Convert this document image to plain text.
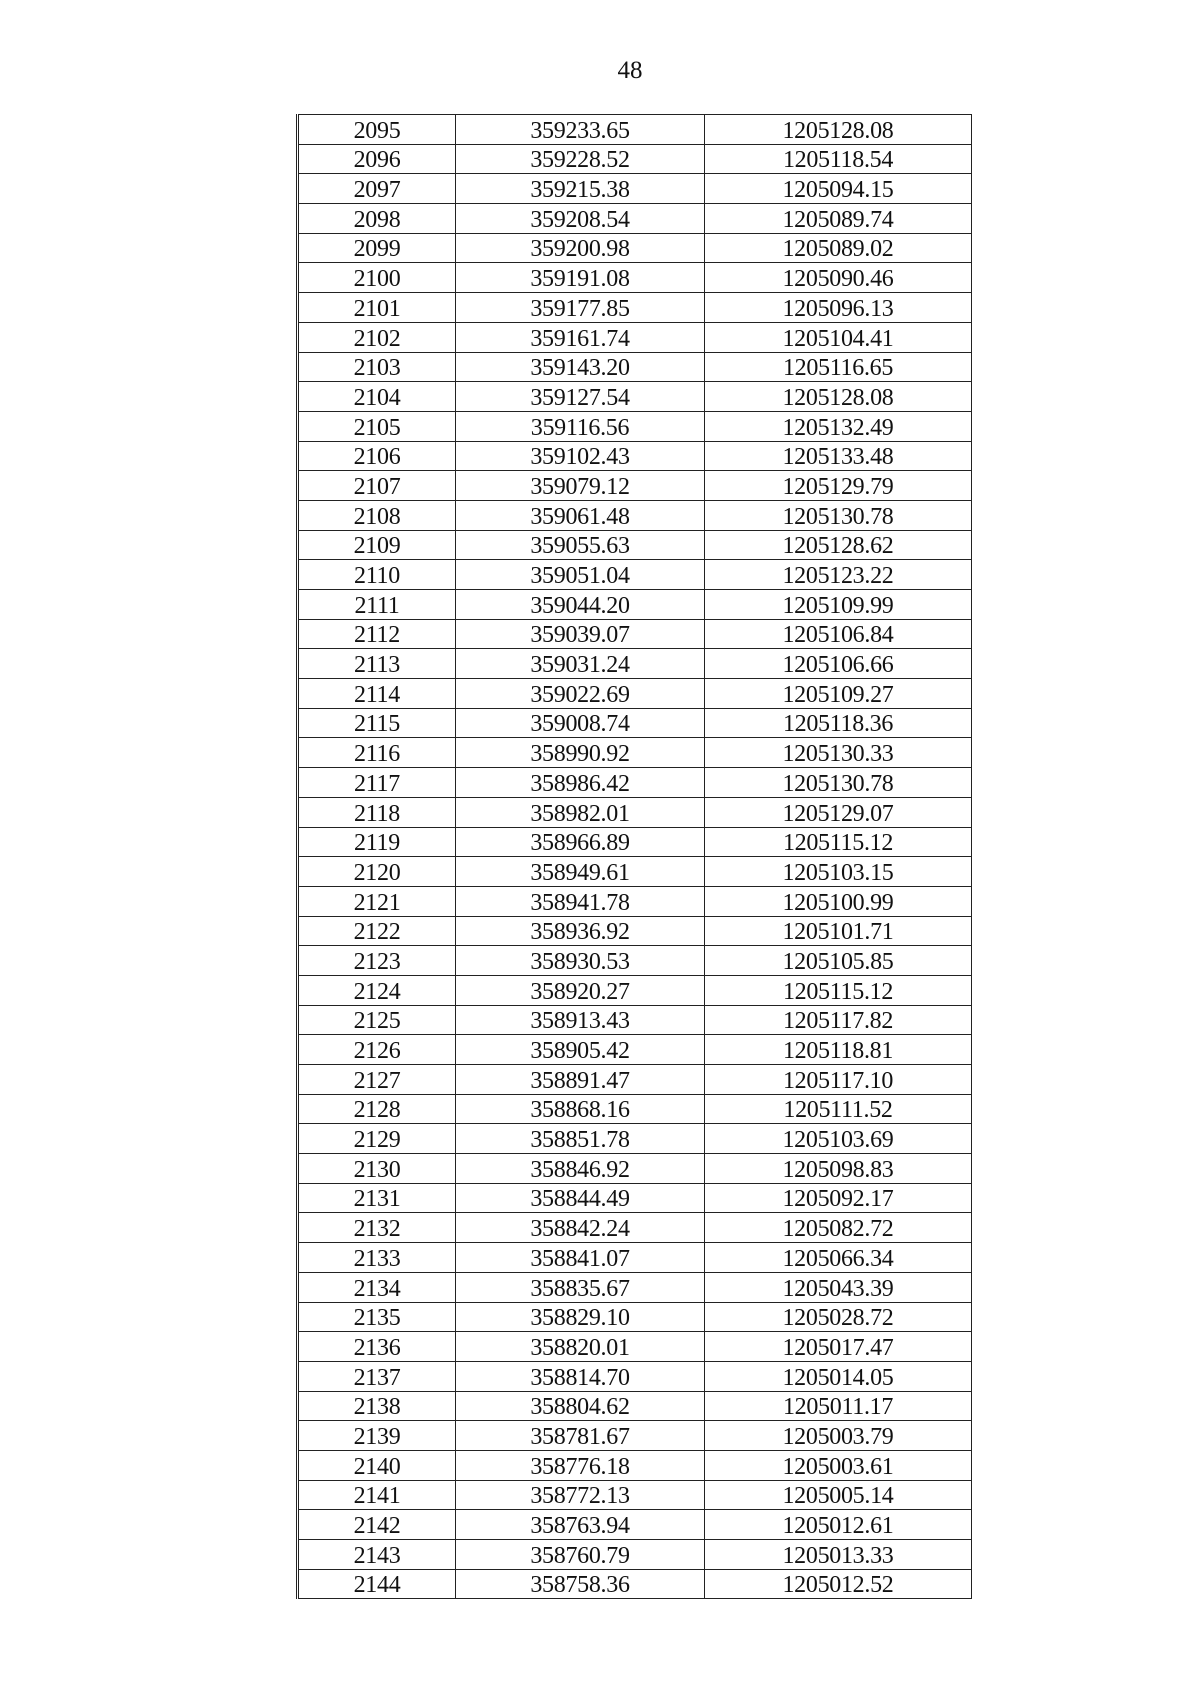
48
2095	359233.65	1205128.08
2096	359228.52	1205118.54
2097	359215.38	1205094.15
2098	359208.54	1205089.74
2099	359200.98	1205089.02
2100	359191.08	1205090.46
2101	359177.85	1205096.13
2102	359161.74	1205104.41
2103	359143.20	1205116.65
2104	359127.54	1205128.08
2105	359116.56	1205132.49
2106	359102.43	1205133.48
2107	359079.12	1205129.79
2108	359061.48	1205130.78
2109	359055.63	1205128.62
2110	359051.04	1205123.22
2111	359044.20	1205109.99
2112	359039.07	1205106.84
2113	359031.24	1205106.66
2114	359022.69	1205109.27
2115	359008.74	1205118.36
2116	358990.92	1205130.33
2117	358986.42	1205130.78
2118	358982.01	1205129.07
2119	358966.89	1205115.12
2120	358949.61	1205103.15
2121	358941.78	1205100.99
2122	358936.92	1205101.71
2123	358930.53	1205105.85
2124	358920.27	1205115.12
2125	358913.43	1205117.82
2126	358905.42	1205118.81
2127	358891.47	1205117.10
2128	358868.16	1205111.52
2129	358851.78	1205103.69
2130	358846.92	1205098.83
2131	358844.49	1205092.17
2132	358842.24	1205082.72
2133	358841.07	1205066.34
2134	358835.67	1205043.39
2135	358829.10	1205028.72
2136	358820.01	1205017.47
2137	358814.70	1205014.05
2138	358804.62	1205011.17
2139	358781.67	1205003.79
2140	358776.18	1205003.61
2141	358772.13	1205005.14
2142	358763.94	1205012.61
2143	358760.79	1205013.33
2144	358758.36	1205012.52
